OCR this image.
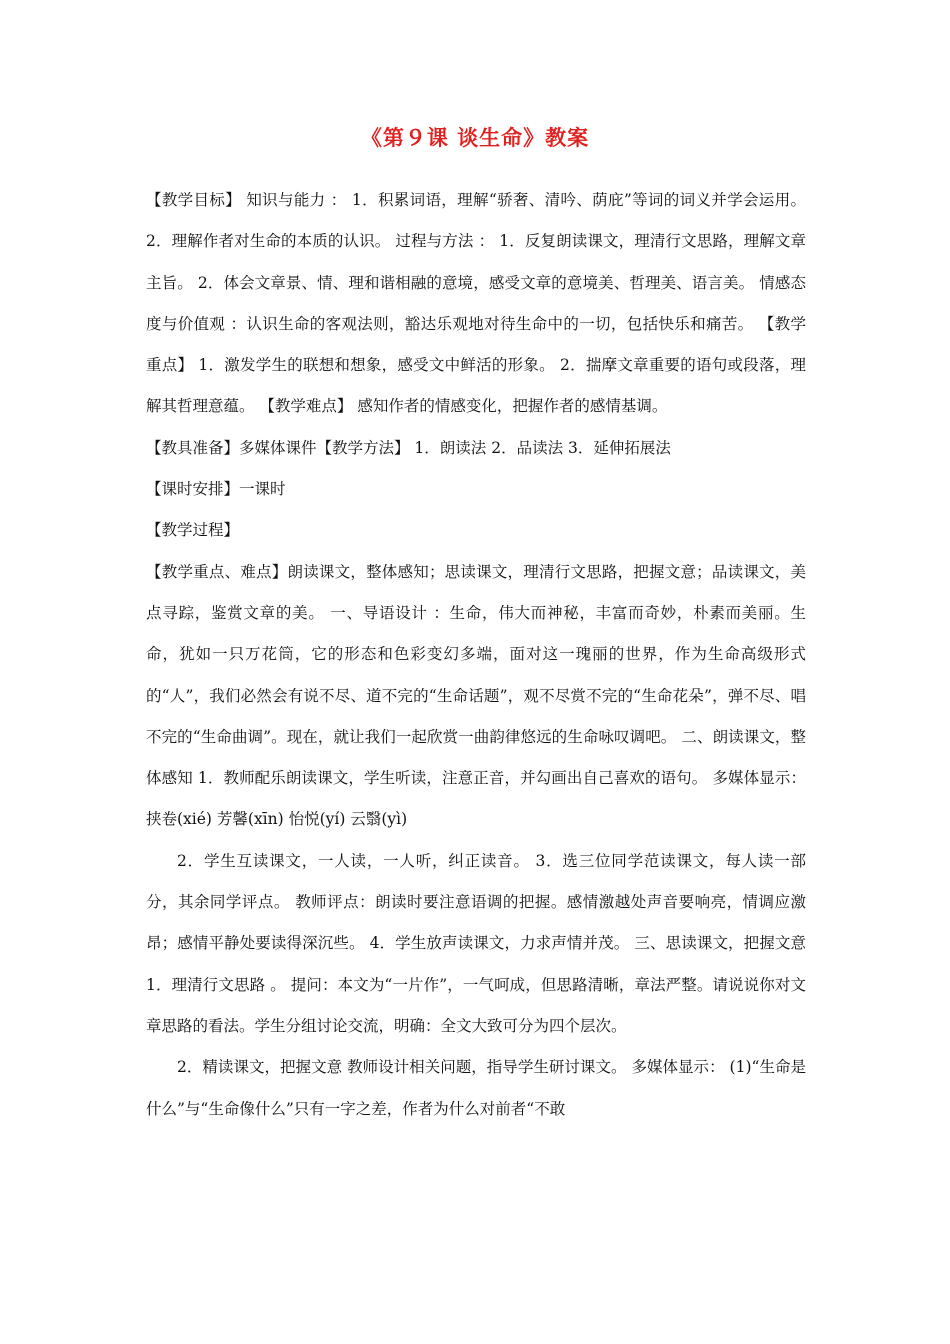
《第９课 谈生命》教案

【教学目标】 知识与能力 ： 1．积累词语，理解“骄奢、清吟、荫庇”等词的词义并学会运用。 2．理解作者对生命的本质的认识。 过程与方法 ： 1．反复朗读课文，理清行文思路，理解文章主旨。 2．体会文章景、情、理和谐相融的意境，感受文章的意境美、哲理美、语言美。 情感态度与价值观 ：认识生命的客观法则，豁达乐观地对待生命中的一切，包括快乐和痛苦。 【教学重点】 1．激发学生的联想和想象，感受文中鲜活的形象。 2．揣摩文章重要的语句或段落，理解其哲理意蕴。 【教学难点】 感知作者的情感变化，把握作者的感情基调。

【教具准备】多媒体课件【教学方法】 1．朗读法 2．品读法 3．延伸拓展法

【课时安排】一课时

【教学过程】

【教学重点、难点】朗读课文，整体感知；思读课文，理清行文思路，把握文意；品读课文，美点寻踪，鉴赏文章的美。 一、导语设计 ：生命，伟大而神秘，丰富而奇妙，朴素而美丽。生命，犹如一只万花筒，它的形态和色彩变幻多端，面对这一瑰丽的世界，作为生命高级形式的“人”，我们必然会有说不尽、道不完的“生命话题”，观不尽赏不完的“生命花朵”，弹不尽、唱不完的“生命曲调”。现在，就让我们一起欣赏一曲韵律悠远的生命咏叹调吧。 二、朗读课文，整体感知 1．教师配乐朗读课文，学生听读，注意正音，并勾画出自己喜欢的语句。 多媒体显示： 挟卷(xié) 芳馨(xīn) 怡悦(yí) 云翳(yì)

2．学生互读课文，一人读，一人听，纠正读音。 3．选三位同学范读课文，每人读一部分，其余同学评点。 教师评点：朗读时要注意语调的把握。感情激越处声音要响亮，情调应激昂；感情平静处要读得深沉些。 4．学生放声读课文，力求声情并茂。 三、思读课文，把握文意 1．理清行文思路 。 提问：本文为“一片作”，一气呵成，但思路清晰，章法严整。请说说你对文章思路的看法。学生分组讨论交流，明确：全文大致可分为四个层次。

2．精读课文，把握文意 教师设计相关问题，指导学生研讨课文。 多媒体显示： (1)“生命是什么”与“生命像什么”只有一字之差，作者为什么对前者“不敢
